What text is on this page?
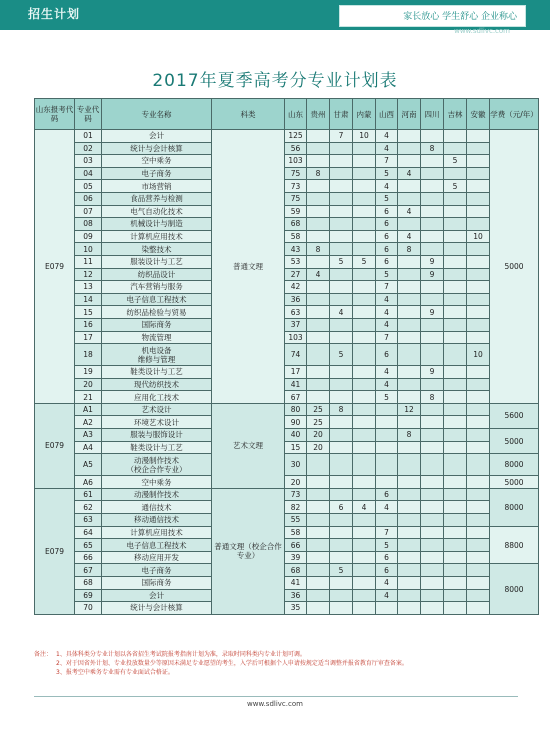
招生计划	家长放心 学生舒心 企业称心
www.sdlivc.com
2017年夏季高考分专业计划表
山东报考代码	专业代码	专业名称	科类	山东	贵州	甘肃	内蒙	山西	河南	四川	吉林	安徽	学费（元/年）
E079	01	会计	普通文理	125		7	10	4					5000
	02	统计与会计核算		56				4		8			
	03	空中乘务		103				7			5		
	04	电子商务		75	8			5	4				
	05	市场营销		73				4			5		
	06	食品营养与检测		75				5					
	07	电气自动化技术		59				6	4				
	08	机械设计与制造		68				6					
	09	计算机应用技术		58				6	4			10	
	10	染整技术		43	8			6	8				
	11	服装设计与工艺		53		5	5	6		9			
	12	纺织品设计		27	4			5		9			
	13	汽车营销与服务		42				7					
	14	电子信息工程技术		36				4					
	15	纺织品检验与贸易		63		4		4		9			
	16	国际商务		37				4					
	17	物流管理		103				7					
	18	机电设备
维修与管理		74		5		6				10	
	19	鞋类设计与工艺		17				4		9			
	20	现代纺织技术		41				4					
	21	应用化工技术		67				5		8			
E079	A1	艺术设计	艺术文理	80	25	8			12				5600
	A2	环境艺术设计		90	25								
	A3	服装与服饰设计		40	20				8				5000
	A4	鞋类设计与工艺		15	20								
	A5	动漫制作技术
（校企合作专业）		30									8000
	A6	空中乘务		20									5000
E079	61	动漫制作技术	普通文理（校企合作专业）	73				6					8000
	62	通信技术		82		6	4	4					
	63	移动通信技术		55									
	64	计算机应用技术		58				7					8800
	65	电子信息工程技术		66				5					
	66	移动应用开发		39				6					
	67	电子商务		68		5		6					8000
	68	国际商务		41				4					
	69	会计		36				4					
	70	统计与会计核算		35									
备注： 1、具体科类分专业计划以各省招生考试院报考指南计划为准，录取时同科类内专业计划可调。
2、对于因省外计划、专业投放数量少等原因未满足专业愿望的考生，入学后可根据个人申请按规定适当调整并报省教育厅审查备案。
3、报考空中乘务专业需有专业面试合格证。
www.sdlivc.com
